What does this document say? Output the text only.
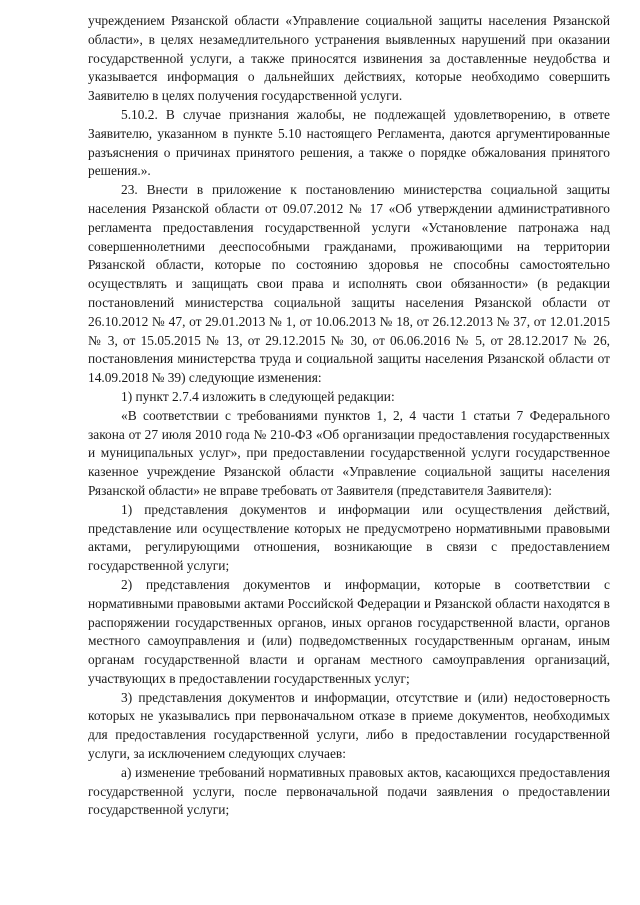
учреждением Рязанской области «Управление социальной защиты населения Рязанской области», в целях незамедлительного устранения выявленных нарушений при оказании государственной услуги, а также приносятся извинения за доставленные неудобства и указывается информация о дальнейших действиях, которые необходимо совершить Заявителю в целях получения государственной услуги.

5.10.2. В случае признания жалобы, не подлежащей удовлетворению, в ответе Заявителю, указанном в пункте 5.10 настоящего Регламента, даются аргументированные разъяснения о причинах принятого решения, а также о порядке обжалования принятого решения.».

23. Внести в приложение к постановлению министерства социальной защиты населения Рязанской области от 09.07.2012 № 17 «Об утверждении административного регламента предоставления государственной услуги «Установление патронажа над совершеннолетними дееспособными гражданами, проживающими на территории Рязанской области, которые по состоянию здоровья не способны самостоятельно осуществлять и защищать свои права и исполнять свои обязанности» (в редакции постановлений министерства социальной защиты населения Рязанской области от 26.10.2012 № 47, от 29.01.2013 № 1, от 10.06.2013 № 18, от 26.12.2013 № 37, от 12.01.2015 № 3, от 15.05.2015 № 13, от 29.12.2015 № 30, от 06.06.2016 № 5, от 28.12.2017 № 26, постановления министерства труда и социальной защиты населения Рязанской области от 14.09.2018 № 39) следующие изменения:

1) пункт 2.7.4 изложить в следующей редакции:

«В соответствии с требованиями пунктов 1, 2, 4 части 1 статьи 7 Федерального закона от 27 июля 2010 года № 210-ФЗ «Об организации предоставления государственных и муниципальных услуг», при предоставлении государственной услуги государственное казенное учреждение Рязанской области «Управление социальной защиты населения Рязанской области» не вправе требовать от Заявителя (представителя Заявителя):

1) представления документов и информации или осуществления действий, представление или осуществление которых не предусмотрено нормативными правовыми актами, регулирующими отношения, возникающие в связи с предоставлением государственной услуги;

2) представления документов и информации, которые в соответствии с нормативными правовыми актами Российской Федерации и Рязанской области находятся в распоряжении государственных органов, иных органов государственной власти, органов местного самоуправления и (или) подведомственных государственным органам, иным органам государственной власти и органам местного самоуправления организаций, участвующих в предоставлении государственных услуг;

3) представления документов и информации, отсутствие и (или) недостоверность которых не указывались при первоначальном отказе в приеме документов, необходимых для предоставления государственной услуги, либо в предоставлении государственной услуги, за исключением следующих случаев:

а) изменение требований нормативных правовых актов, касающихся предоставления государственной услуги, после первоначальной подачи заявления о предоставлении государственной услуги;
